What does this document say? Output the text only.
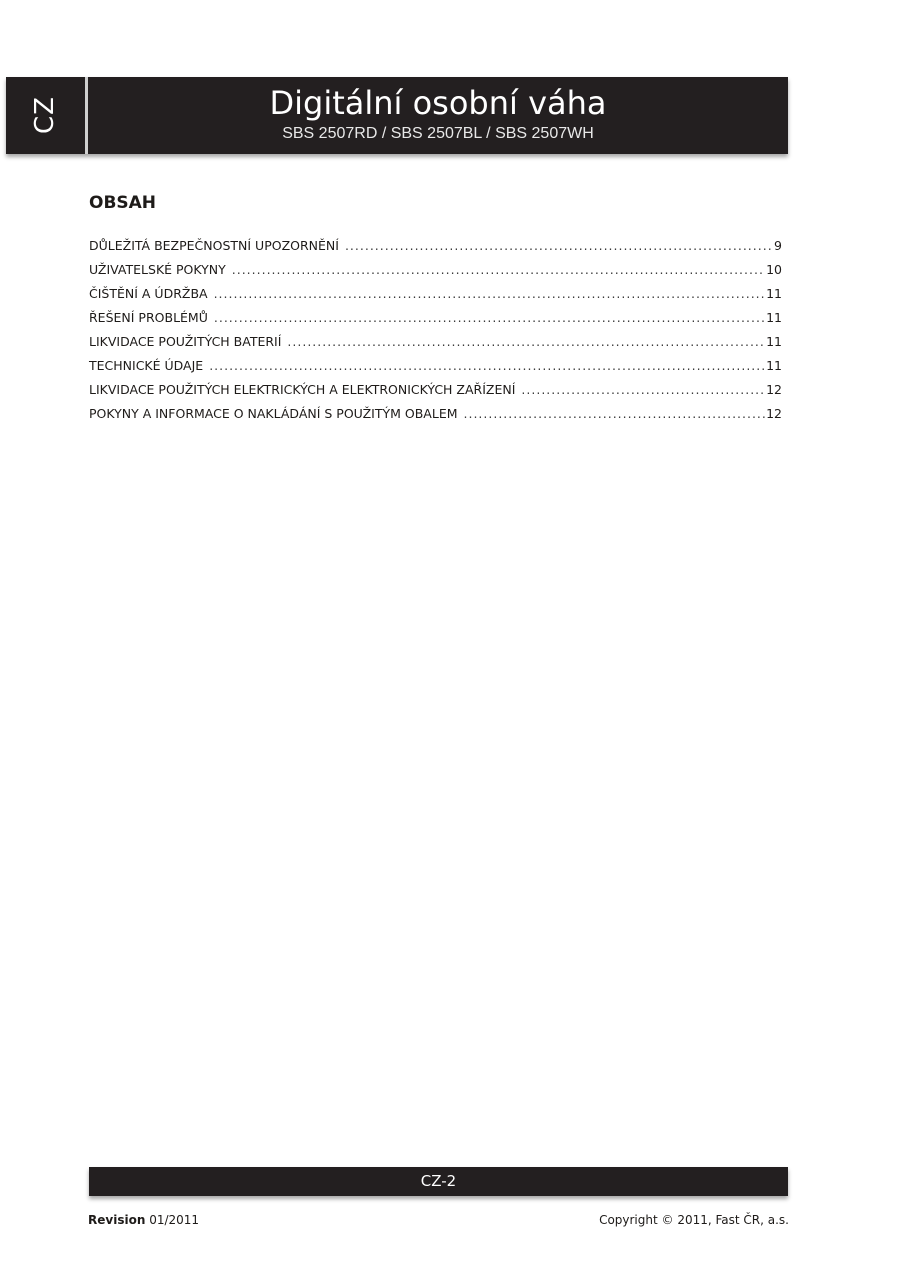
CZ	Digitální osobní váha
SBS 2507RD / SBS 2507BL / SBS 2507WH
OBSAH
DŮLEŽITÁ BEZPEČNOSTNÍ UPOZORNĚNÍ .....	9
UŽIVATELSKÉ POKYNY .....	10
ČIŠTĚNÍ A ÚDRŽBA .....	11
ŘEŠENÍ PROBLÉMŮ .....	11
LIKVIDACE POUŽITÝCH BATERIÍ .....	11
TECHNICKÉ ÚDAJE .....	11
LIKVIDACE POUŽITÝCH ELEKTRICKÝCH A ELEKTRONICKÝCH ZAŘÍZENÍ .....	12
POKYNY A INFORMACE O NAKLÁDÁNÍ S POUŽITÝM OBALEM .....	12
CZ-2
Revision 01/2011	Copyright © 2011, Fast ČR, a.s.
